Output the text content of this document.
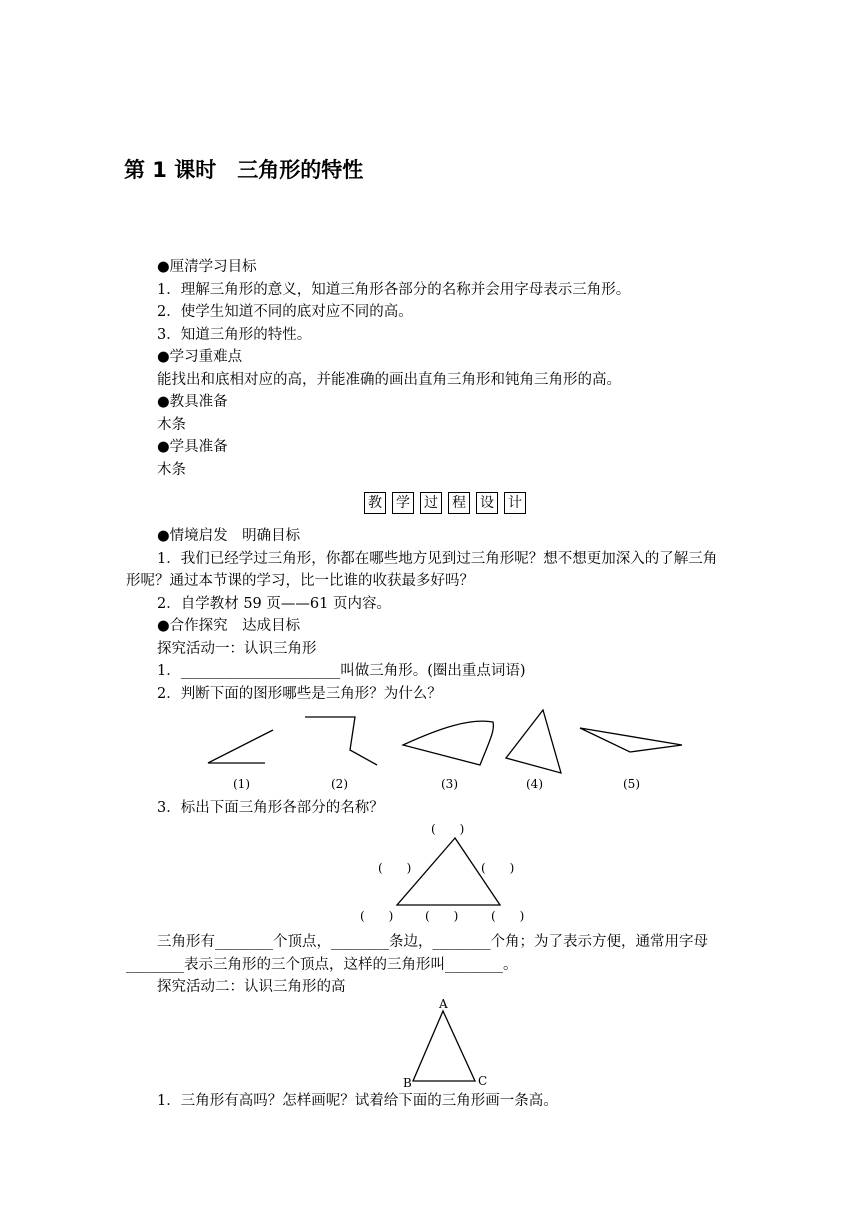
第 1 课时　三角形的特性
●厘清学习目标
1．理解三角形的意义，知道三角形各部分的名称并会用字母表示三角形。
2．使学生知道不同的底对应不同的高。
3．知道三角形的特性。
●学习重难点
能找出和底相对应的高，并能准确的画出直角三角形和钝角三角形的高。
●教具准备
木条
●学具准备
木条
教 学 过 程 设 计
●情境启发　明确目标
1．我们已经学过三角形，你都在哪些地方见到过三角形呢？想不想更加深入的了解三角
形呢？通过本节课的学习，比一比谁的收获最多好吗？
2．自学教材 59 页——61 页内容。
●合作探究　达成目标
探究活动一：认识三角形
1．______________________叫做三角形。(圈出重点词语)
2．判断下面的图形哪些是三角形？为什么？
(1)	(2)	(3)	(4)	(5)
3．标出下面三角形各部分的名称？
(　　)
(　　)	(　　)
(　　)	(　　)	(　　)
三角形有________个顶点，________条边，________个角；为了表示方便，通常用字母
________表示三角形的三个顶点，这样的三角形叫________。
探究活动二：认识三角形的高
A
B	C
1．三角形有高吗？怎样画呢？试着给下面的三角形画一条高。
